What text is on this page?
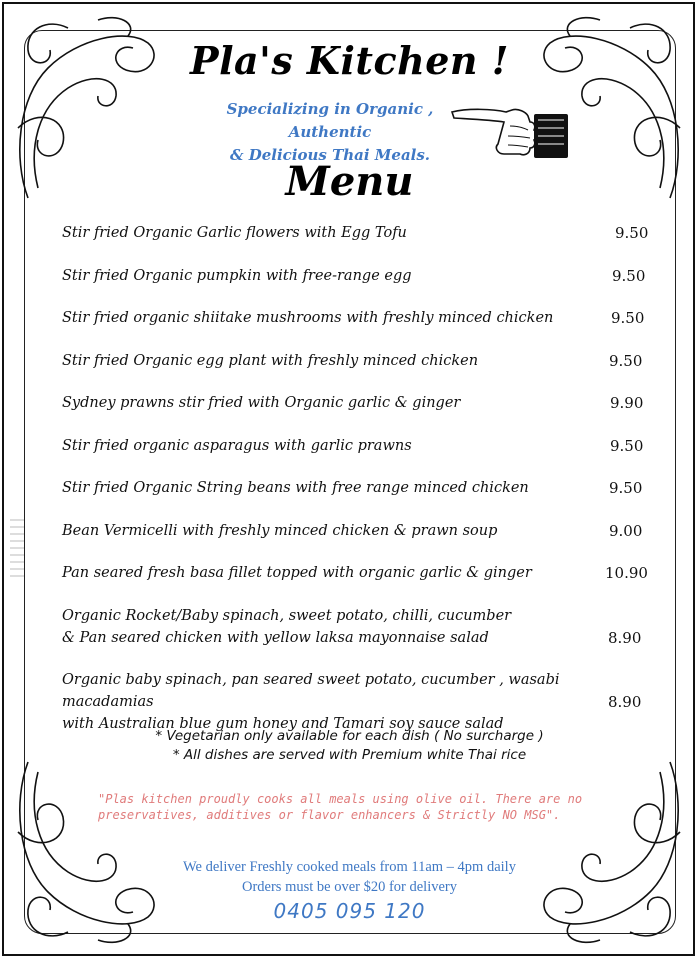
Pla's Kitchen !
Specializing in Organic , Authentic
& Delicious Thai Meals.
Menu
Stir fried Organic Garlic flowers with Egg Tofu	9.50
Stir fried Organic pumpkin with free-range egg	9.50
Stir fried organic shiitake mushrooms with freshly minced chicken	9.50
Stir fried Organic egg plant with freshly minced chicken	9.50
Sydney prawns stir fried with Organic garlic & ginger	9.90
Stir fried organic asparagus with garlic prawns	9.50
Stir fried Organic String beans with free range minced chicken	9.50
Bean Vermicelli with freshly minced chicken & prawn soup	9.00
Pan seared fresh basa fillet topped with organic garlic & ginger	10.90
Organic Rocket/Baby spinach, sweet potato, chilli, cucumber
& Pan seared chicken with yellow laksa mayonnaise salad	8.90
Organic baby spinach, pan seared sweet potato, cucumber , wasabi macadamias
with Australian blue gum honey and Tamari soy sauce salad
8.90
* Vegetarian only available for each dish ( No surcharge )
* All dishes are served with Premium white Thai rice
"Plas kitchen proudly cooks all meals using olive oil. There are no
preservatives, additives or flavor enhancers & Strictly NO MSG".
We deliver Freshly cooked meals from 11am – 4pm daily
Orders must be over $20 for delivery
0405 095 120
